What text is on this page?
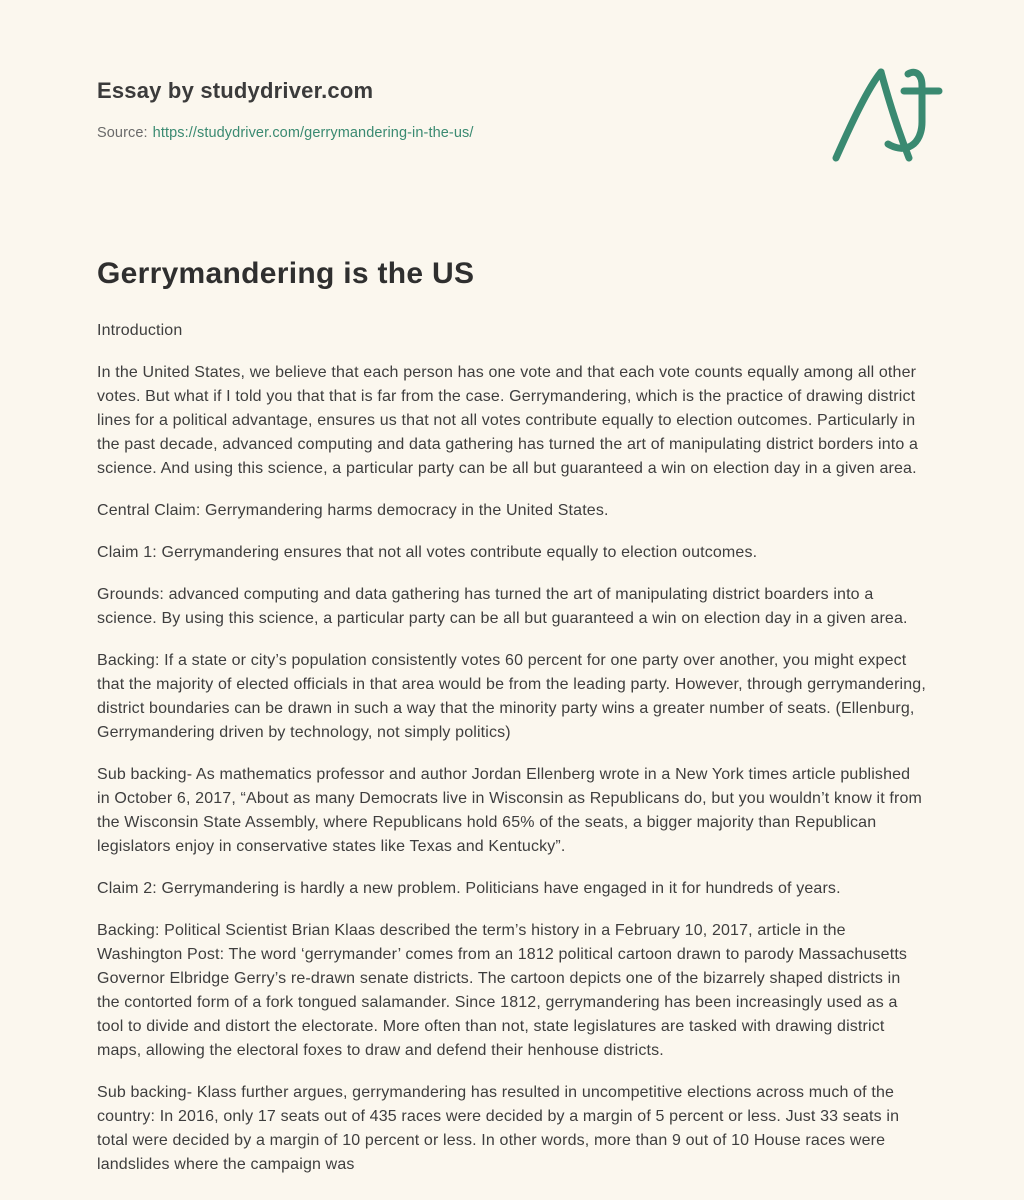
Essay by studydriver.com

Source: https://studydriver.com/gerrymandering-in-the-us/

Gerrymandering is the US

Introduction

In the United States, we believe that each person has one vote and that each vote counts equally among all other votes. But what if I told you that that is far from the case. Gerrymandering, which is the practice of drawing district lines for a political advantage, ensures us that not all votes contribute equally to election outcomes. Particularly in the past decade, advanced computing and data gathering has turned the art of manipulating district borders into a science. And using this science, a particular party can be all but guaranteed a win on election day in a given area.

Central Claim: Gerrymandering harms democracy in the United States.

Claim 1: Gerrymandering ensures that not all votes contribute equally to election outcomes.

Grounds: advanced computing and data gathering has turned the art of manipulating district boarders into a science. By using this science, a particular party can be all but guaranteed a win on election day in a given area.

Backing: If a state or city’s population consistently votes 60 percent for one party over another, you might expect that the majority of elected officials in that area would be from the leading party. However, through gerrymandering, district boundaries can be drawn in such a way that the minority party wins a greater number of seats. (Ellenburg, Gerrymandering driven by technology, not simply politics)

Sub backing- As mathematics professor and author Jordan Ellenberg wrote in a New York times article published in October 6, 2017, “About as many Democrats live in Wisconsin as Republicans do, but you wouldn’t know it from the Wisconsin State Assembly, where Republicans hold 65% of the seats, a bigger majority than Republican legislators enjoy in conservative states like Texas and Kentucky”.

Claim 2: Gerrymandering is hardly a new problem. Politicians have engaged in it for hundreds of years.

Backing: Political Scientist Brian Klaas described the term’s history in a February 10, 2017, article in the Washington Post: The word ‘gerrymander’ comes from an 1812 political cartoon drawn to parody Massachusetts Governor Elbridge Gerry’s re-drawn senate districts. The cartoon depicts one of the bizarrely shaped districts in the contorted form of a fork tongued salamander. Since 1812, gerrymandering has been increasingly used as a tool to divide and distort the electorate. More often than not, state legislatures are tasked with drawing district maps, allowing the electoral foxes to draw and defend their henhouse districts.

Sub backing- Klass further argues, gerrymandering has resulted in uncompetitive elections across much of the country: In 2016, only 17 seats out of 435 races were decided by a margin of 5 percent or less. Just 33 seats in total were decided by a margin of 10 percent or less. In other words, more than 9 out of 10 House races were landslides where the campaign was
